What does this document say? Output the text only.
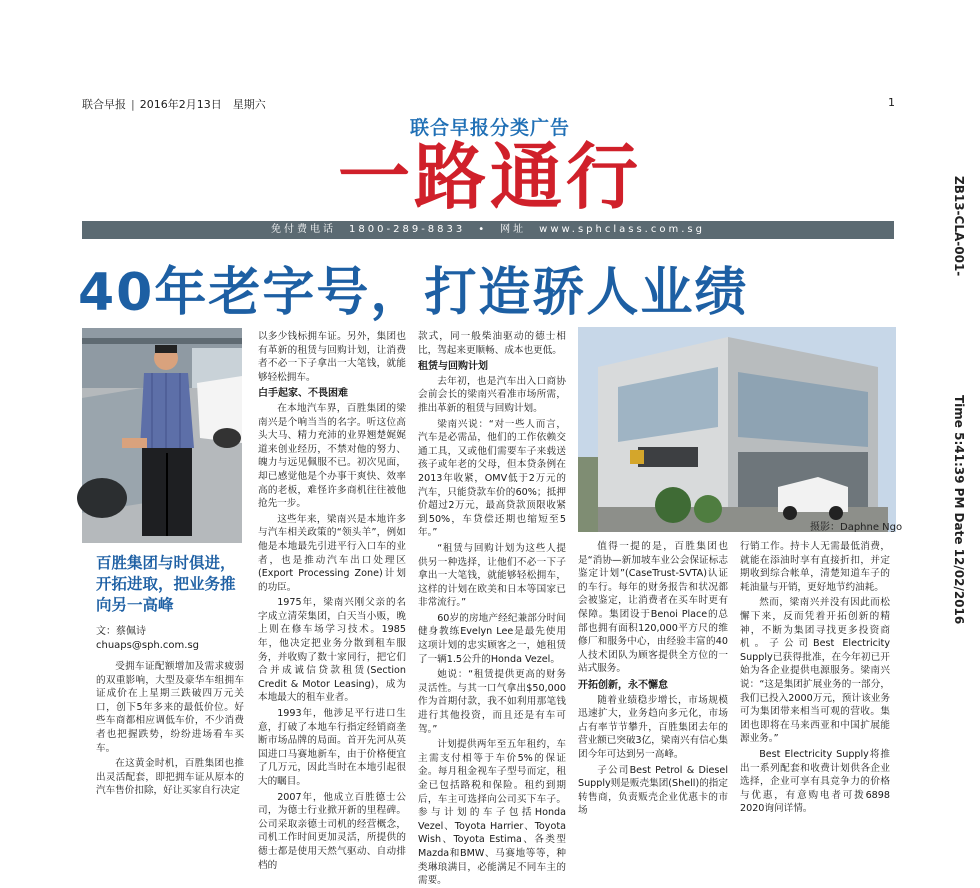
联合早报 | 2016年2月13日　 星期六	1
ZB13-CLA-001-
Time 5:41:39 PM Date 12/02/2016
联合早报分类广告
一路通行
免付费电话　1800-289-8833　•　网址　www.sphclass.com.sg
40年老字号，打造骄人业绩
摄影：Daphne Ngo
百胜集团与时俱进，开拓进取，把业务推向另一高峰
文：蔡佩诗
chuaps@sph.com.sg

受拥车证配额增加及需求疲弱的双重影响，大型及豪华车组拥车证成价在上星期三跌破四万元关口，创下5年多来的最低价位。好些车商都相应调低车价，不少消费者也把握跌势，纷纷进场看车买车。

在这黄金时机，百胜集团也推出灵活配套，即把拥车证从原本的汽车售价扣除，好让买家自行决定

以多少钱标拥车证。另外，集团也有革新的租赁与回购计划，让消费者不必一下子拿出一大笔钱，就能够轻松拥车。

白手起家、不畏困难

在本地汽车界，百胜集团的梁南兴是个响当当的名字。听这位高头大马、精力充沛的业界翘楚娓娓道来创业经历，不禁对他的努力、魄力与远见佩服不已。初次见面，却已感觉他是个办事干爽快、效率高的老板，难怪许多商机往往被他抢先一步。

这些年来，梁南兴是本地许多与汽车相关政策的“领头羊”，例如他是本地最先引进平行入口车的业者，也是推动汽车出口处理区(Export Processing Zone)计划的功臣。

1975年，梁南兴刚父亲的名字成立清荣集团，白天当小贩，晚上则在修车场学习技术。1985年，他决定把业务分散到租车服务，并收购了数十家同行，把它们合并成诚信贷款租赁(Section Credit & Motor Leasing)，成为本地最大的租车业者。

1993年，他涉足平行进口生意，打破了本地车行指定经销商垄断市场品牌的局面。首开先河从英国进口马赛地新车，由于价格便宜了几万元，因此当时在本地引起很大的瞩目。

2007年，他成立百胜德士公司，为德士行业掀开新的里程碑。公司采取亲德士司机的经营概念，司机工作时间更加灵活，所提供的德士都是使用天然气驱动、自动排档的

款式，同一般柴油驱动的德士相比，驾起来更顺畅、成本也更低。

租赁与回购计划

去年初，也是汽车出入口商协会前会长的梁南兴看准市场所需，推出革新的租赁与回购计划。

梁南兴说：“对一些人而言，汽车是必需品，他们的工作依赖交通工具，又或他们需要车子来载送孩子或年老的父母，但本贷条例在2013年收紧，OMV低于2万元的汽车，只能贷款车价的60%；抵押价超过2万元，最高贷款顶限收紧到50%，车贷偿还期也缩短至5年。”

“租赁与回购计划为这些人提供另一种选择，让他们不必一下子拿出一大笔钱，就能够轻松拥车，这样的计划在欧美和日本等国家已非常流行。”

60岁的房地产经纪兼部分时间健身教练Evelyn Lee是最先使用这项计划的忠实顾客之一，她租赁了一辆1.5公升的Honda Vezel。

她说：“租赁提供更高的财务灵活性。与其一口气拿出$50,000作为首期付款，我不如利用那笔钱进行其他投资，而且还是有车可驾。”

计划提供两年至五年租约，车主需支付相等于车价5%的保证金。每月租金视车子型号而定，租金已包括路税和保险。租约到期后，车主可选择向公司买下车子。参与计划的车子包括Honda Vezel、Toyota Harrier、Toyota Wish、Toyota Estima、各类型Mazda和BMW、马赛地等等，种类琳琅满目，必能满足不同车主的需要。

值得一提的是，百胜集团也是“消协—新加坡车业公会保证标志鉴定计划”(CaseTrust-SVTA)认证的车行。每年的财务报告和状况都会被鉴定，让消费者在买车时更有保障。集团设于Benoi Place的总部也拥有面积120,000平方尺的维修厂和服务中心，由经验丰富的40人技术团队为顾客提供全方位的一站式服务。

开拓创新，永不懈怠

随着业绩稳步增长，市场规模迅速扩大，业务趋向多元化，市场占有率节节攀升，百胜集团去年的营业额已突破3亿，梁南兴有信心集团今年可达到另一高峰。

子公司Best Petrol & Diesel Supply则是贩壳集团(Shell)的指定转售商，负责贩壳企业优惠卡的市场

行销工作。持卡人无需最低消费，就能在添油时享有直接折扣，并定期收到综合帐单，清楚知道车子的耗油量与开销，更好地节约油耗。

然而，梁南兴并没有因此而松懈下来，反而凭着开拓创新的精神，不断为集团寻找更多投资商机。子公司Best Electricity Supply已获得批准，在今年初已开始为各企业提供电源服务。梁南兴说：“这是集团扩展业务的一部分，我们已投入2000万元，预计该业务可为集团带来相当可观的营收。集团也即将在马来西亚和中国扩展能源业务。”

Best Electricity Supply将推出一系列配套和收费计划供各企业选择，企业可享有具竞争力的价格与优惠，有意购电者可拨6898 2020询问详情。
